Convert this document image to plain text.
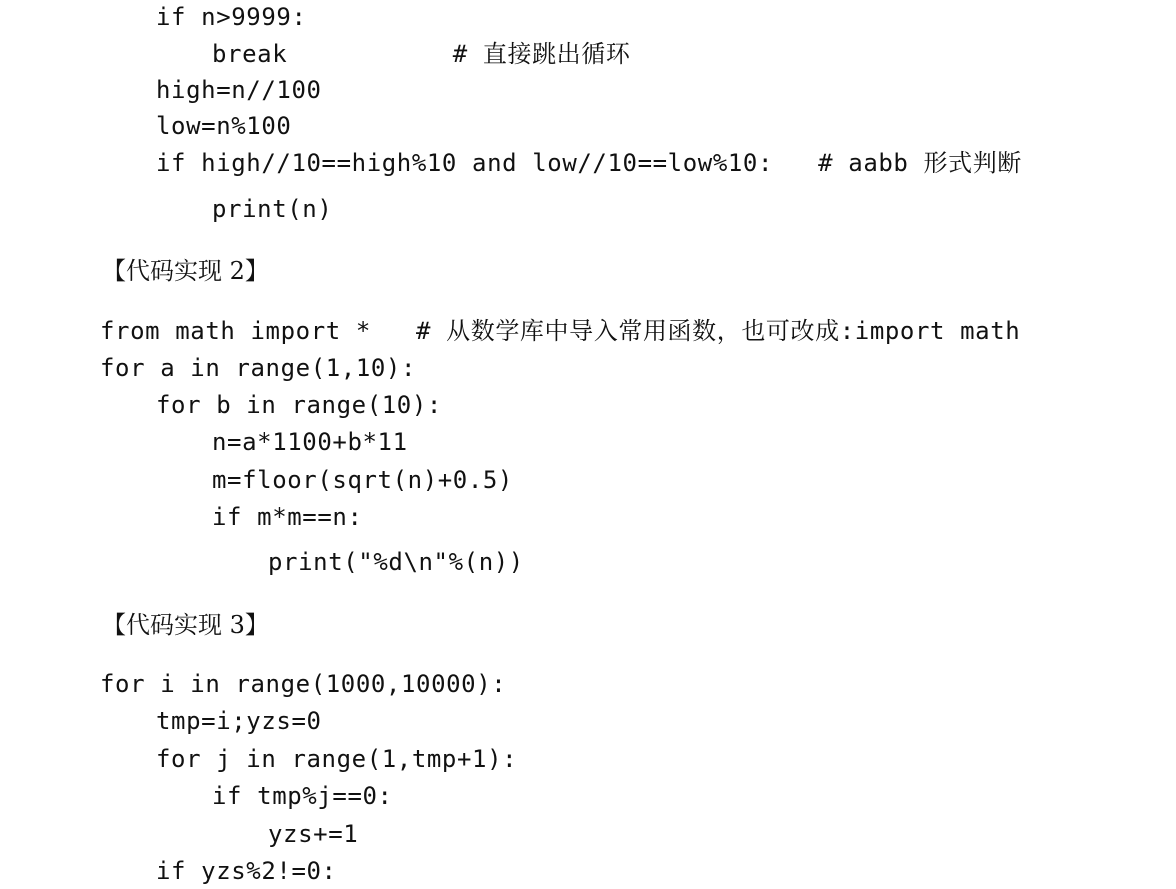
if n>9999:
break           # 直接跳出循环
high=n//100
low=n%100
if high//10==high%10 and low//10==low%10:   # aabb 形式判断
print(n)
【代码实现 2】
from math import *   # 从数学库中导入常用函数，也可改成:import math
for a in range(1,10):
for b in range(10):
n=a*1100+b*11
m=floor(sqrt(n)+0.5)
if m*m==n:
print("%d\n"%(n))
【代码实现 3】
for i in range(1000,10000):
tmp=i;yzs=0
for j in range(1,tmp+1):
if tmp%j==0:
yzs+=1
if yzs%2!=0:
